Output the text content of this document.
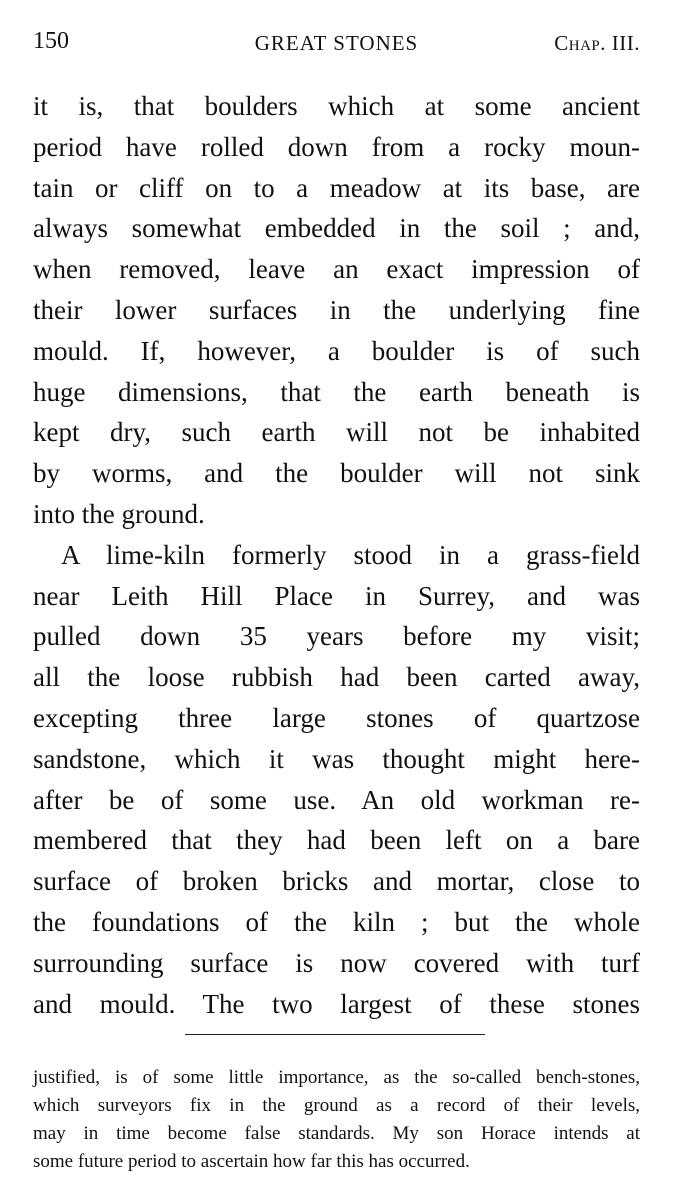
150	GREAT STONES	Chap. III.
it is, that boulders which at some ancient
period have rolled down from a rocky moun-
tain or cliff on to a meadow at its base, are
always somewhat embedded in the soil ; and,
when removed, leave an exact impression of
their lower surfaces in the underlying fine
mould. If, however, a boulder is of such
huge dimensions, that the earth beneath is
kept dry, such earth will not be inhabited
by worms, and the boulder will not sink
into the ground.
A lime-kiln formerly stood in a grass-field
near Leith Hill Place in Surrey, and was
pulled down 35 years before my visit;
all the loose rubbish had been carted away,
excepting three large stones of quartzose
sandstone, which it was thought might here-
after be of some use. An old workman re-
membered that they had been left on a bare
surface of broken bricks and mortar, close to
the foundations of the kiln ; but the whole
surrounding surface is now covered with turf
and mould. The two largest of these stones
justified, is of some little importance, as the so-called bench-stones,
which surveyors fix in the ground as a record of their levels,
may in time become false standards. My son Horace intends at
some future period to ascertain how far this has occurred.
